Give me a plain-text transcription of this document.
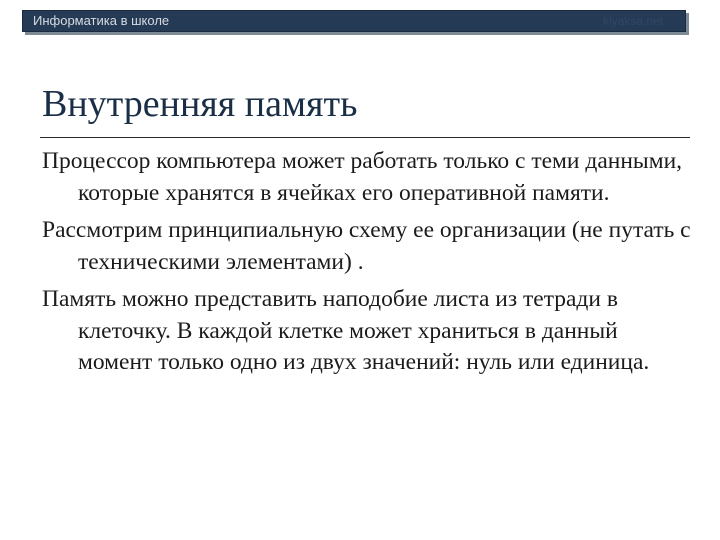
Информатика в школе	klyaksa.net
Внутренняя память

Процессор компьютера может работать только с теми данными, которые хранятся в ячейках его оперативной памяти.

Рассмотрим принципиальную схему ее организации (не путать с техническими элементами) .

Память можно представить наподобие листа из тетради в клеточку. В каждой клетке может храниться в данный момент только одно из двух значений: нуль или единица.
